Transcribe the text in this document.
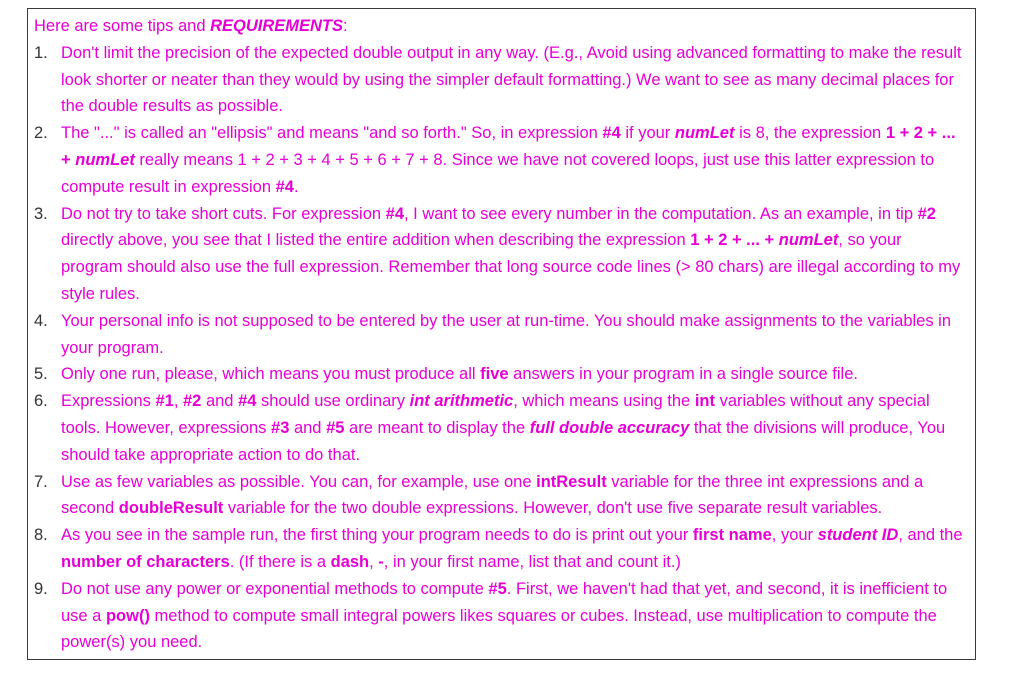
Here are some tips and REQUIREMENTS:

1. Don't limit the precision of the expected double output in any way. (E.g., Avoid using advanced formatting to make the result look shorter or neater than they would by using the simpler default formatting.) We want to see as many decimal places for the double results as possible.
2. The "..." is called an "ellipsis" and means "and so forth." So, in expression #4 if your numLet is 8, the expression 1 + 2 + ... + numLet really means 1 + 2 + 3 + 4 + 5 + 6 + 7 + 8. Since we have not covered loops, just use this latter expression to compute result in expression #4.
3. Do not try to take short cuts. For expression #4, I want to see every number in the computation. As an example, in tip #2 directly above, you see that I listed the entire addition when describing the expression 1 + 2 + ... + numLet, so your program should also use the full expression. Remember that long source code lines (> 80 chars) are illegal according to my style rules.
4. Your personal info is not supposed to be entered by the user at run-time. You should make assignments to the variables in your program.
5. Only one run, please, which means you must produce all five answers in your program in a single source file.
6. Expressions #1, #2 and #4 should use ordinary int arithmetic, which means using the int variables without any special tools. However, expressions #3 and #5 are meant to display the full double accuracy that the divisions will produce, You should take appropriate action to do that.
7. Use as few variables as possible. You can, for example, use one intResult variable for the three int expressions and a second doubleResult variable for the two double expressions. However, don't use five separate result variables.
8. As you see in the sample run, the first thing your program needs to do is print out your first name, your student ID, and the number of characters. (If there is a dash, -, in your first name, list that and count it.)
9. Do not use any power or exponential methods to compute #5. First, we haven't had that yet, and second, it is inefficient to use a pow() method to compute small integral powers likes squares or cubes. Instead, use multiplication to compute the power(s) you need.
